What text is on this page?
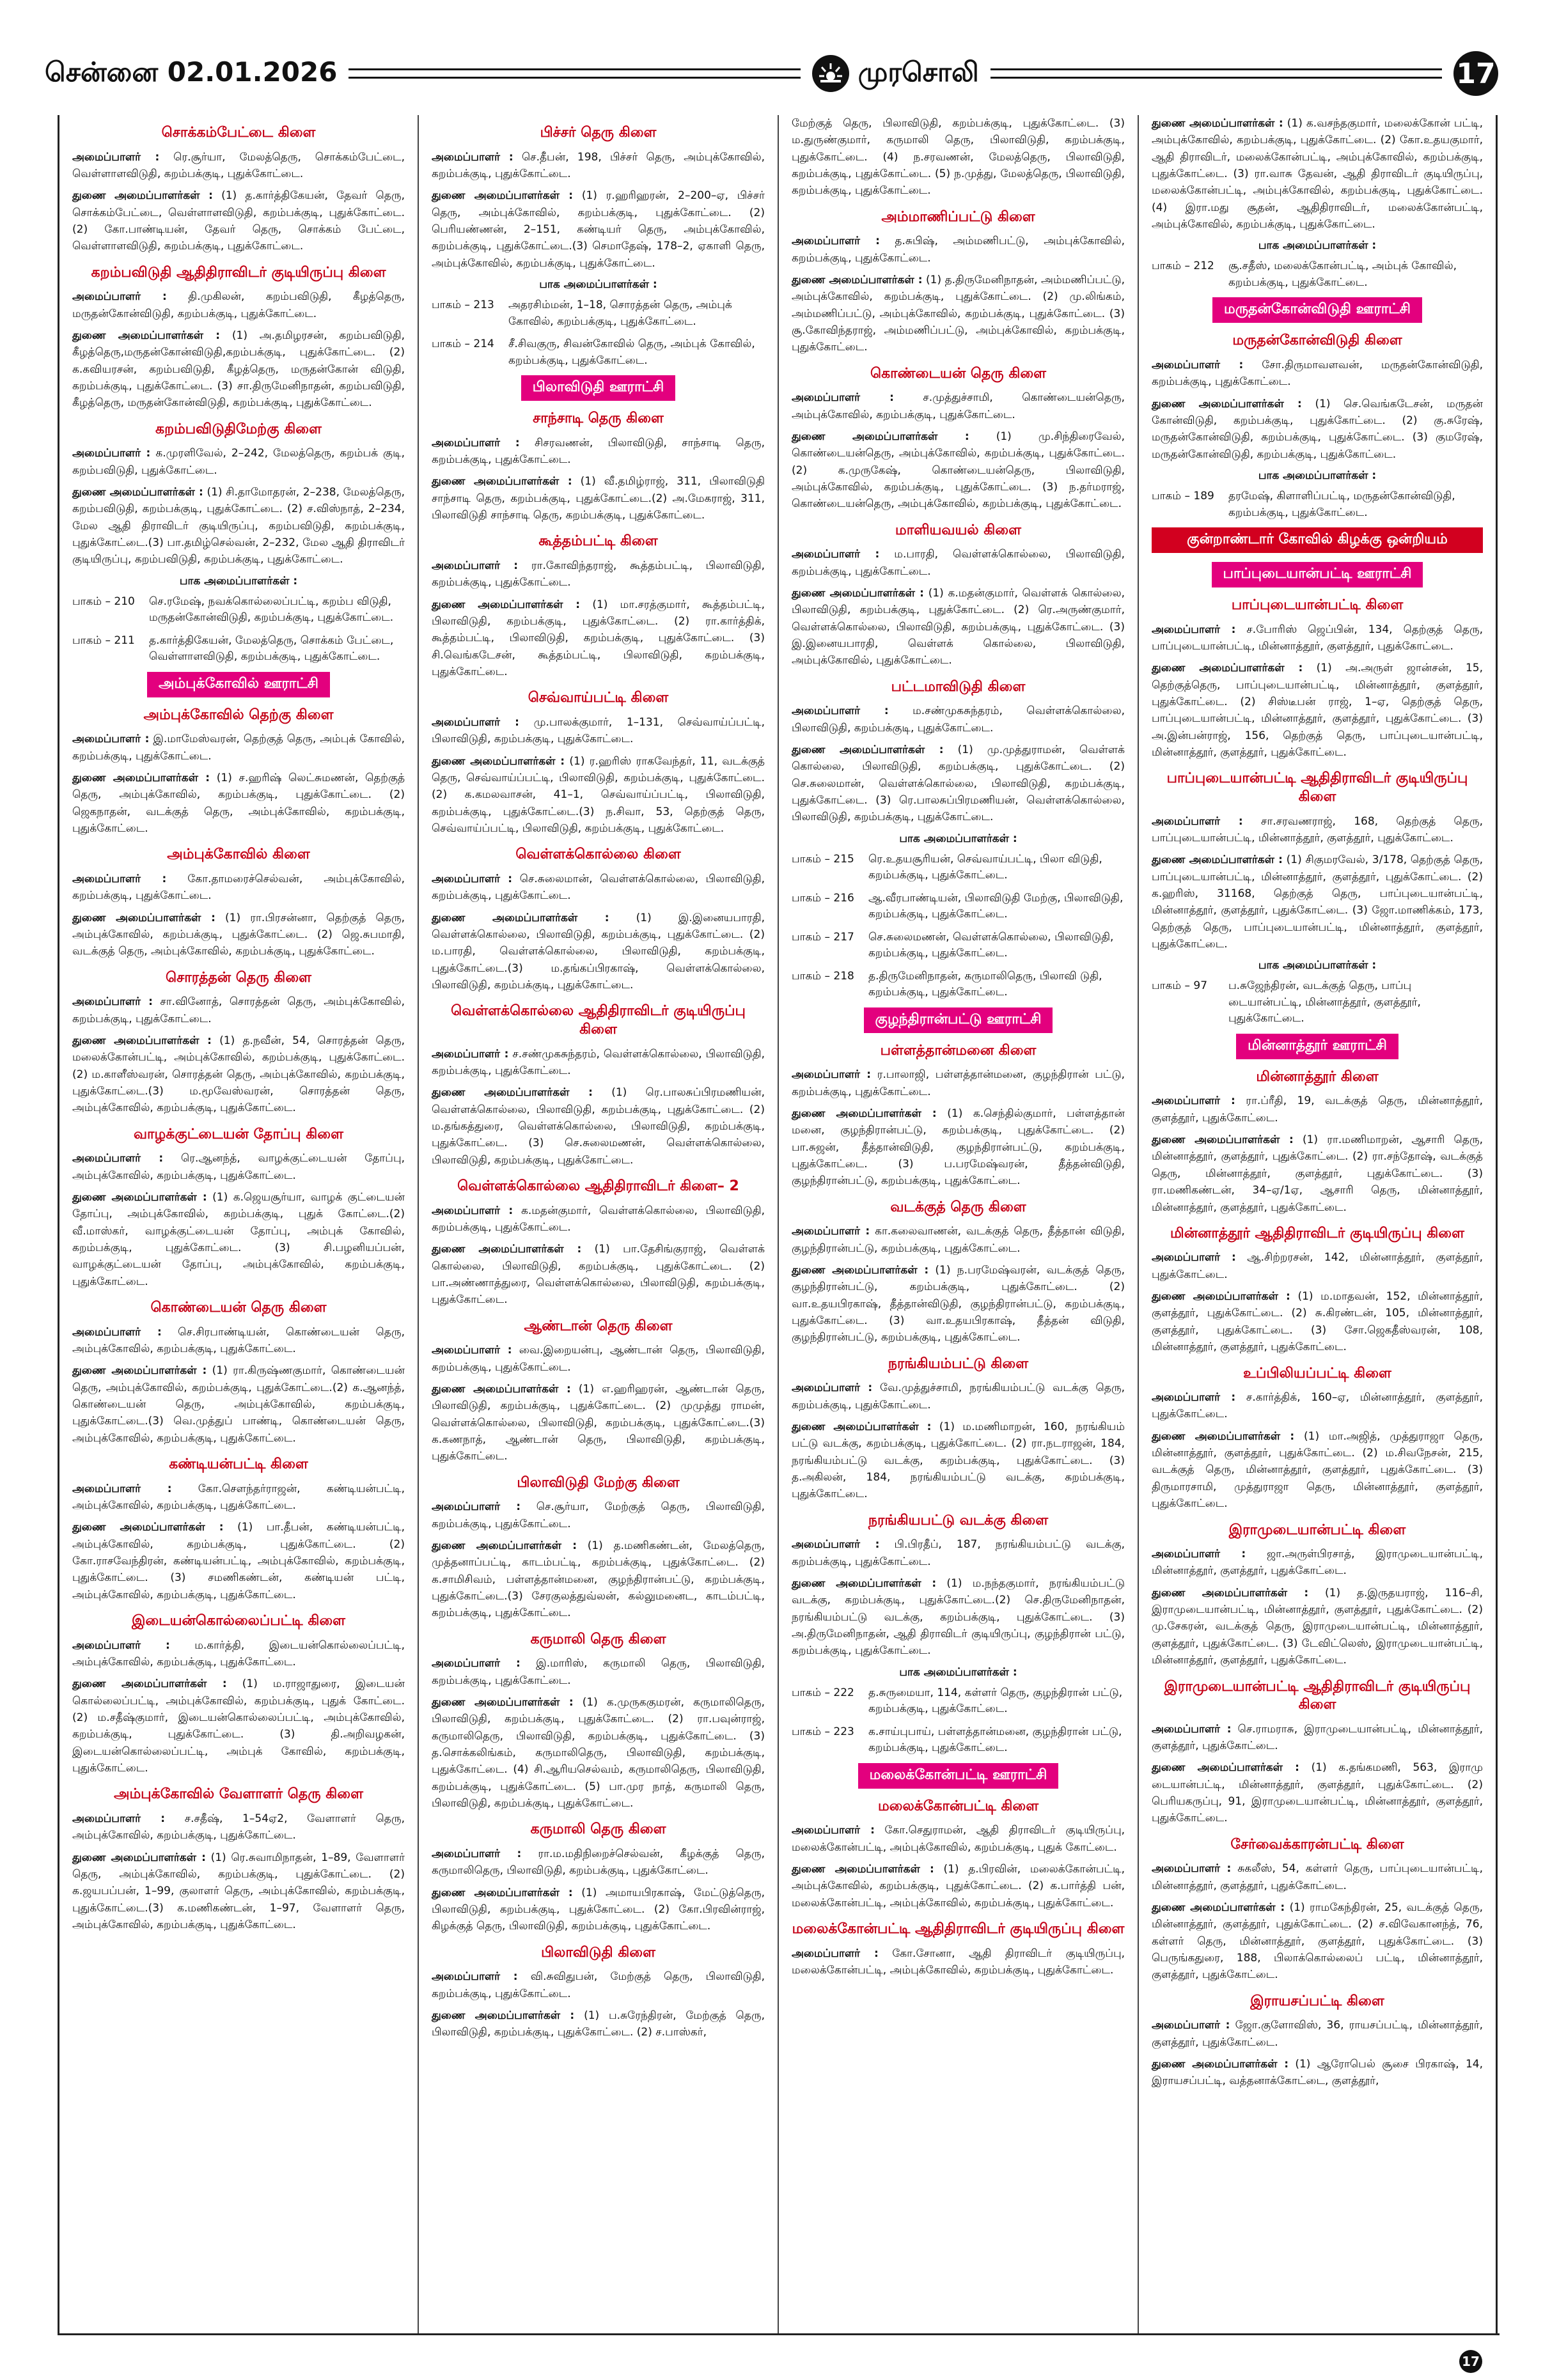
சென்னை 02.01.2026	முரசொலி	17
சொக்கம்பேட்டை கிளை

அமைப்பாளர் : ரெ.சூர்யா, மேலத்தெரு, சொக்கம்பேட்டை, வெள்ளாளவிடுதி, கறம்பக்குடி, புதுக்கோட்டை.

துணை அமைப்பாளர்கள் : (1) த.கார்த்திகேயன், தேவர் தெரு, சொக்கம்பேட்டை, வெள்ளாளவிடுதி, கறம்பக்குடி, புதுக்கோட்டை.(2) கோ.பாண்டியன், தேவர் தெரு, சொக்கம் பேட்டை, வெள்ளாளவிடுதி, கறம்பக்குடி, புதுக்கோட்டை.

கறம்பவிடுதி ஆதிதிராவிடர் குடியிருப்பு கிளை

அமைப்பாளர் : தி.முகிலன், கறம்பவிடுதி, கீழத்தெரு, மருதன்கோன்விடுதி, கறம்பக்குடி, புதுக்கோட்டை.

துணை அமைப்பாளர்கள் : (1) அ.தமிழரசன், கறம்பவிடுதி, கீழத்தெரு,மருதன்கோன்விடுதி,கறம்பக்குடி, புதுக்கோட்டை. (2) க.கவியரசன், கறம்பவிடுதி, கீழத்தெரு, மருதன்கோன் விடுதி, கறம்பக்குடி, புதுக்கோட்டை. (3) சா.திருமேனிநாதன், கறம்பவிடுதி, கீழத்தெரு, மருதன்கோன்விடுதி, கறம்பக்குடி, புதுக்கோட்டை.

கறம்பவிடுதிமேற்கு கிளை

அமைப்பாளர் : க.முரளிவேல், 2–242, மேலத்தெரு, கறம்பக் குடி, கறம்பவிடுதி, புதுக்கோட்டை.

துணை அமைப்பாளர்கள் : (1) சி.தாமோதரன், 2–238, மேலத்தெரு, கறம்பவிடுதி, கறம்பக்குடி, புதுக்கோட்டை. (2) ச.விஸ்நாத், 2–234, மேல ஆதி திராவிடர் குடியிருப்பு, கறம்பவிடுதி, கறம்பக்குடி, புதுக்கோட்டை.(3) பா.தமிழ்செல்வன், 2–232, மேல ஆதி திராவிடர் குடியிருப்பு, கறம்பவிடுதி, கறம்பக்குடி, புதுக்கோட்டை.

பாக அமைப்பாளர்கள் :
பாகம் – 210	செ.ரமேஷ், நவக்கொல்லைப்பட்டி, கறம்ப விடுதி, மருதன்கோன்விடுதி, கறம்பக்குடி, புதுக்கோட்டை.
பாகம் – 211	த.கார்த்திகேயன், மேலத்தெரு, சொக்கம் பேட்டை, வெள்ளாளவிடுதி, கறம்பக்குடி, புதுக்கோட்டை.
அம்புக்கோவில் ஊராட்சி
அம்புக்கோவில் தெற்கு கிளை

அமைப்பாளர் : இ.மாமேஸ்வரன், தெற்குத் தெரு, அம்புக் கோவில், கறம்பக்குடி, புதுக்கோட்டை.

துணை அமைப்பாளர்கள் : (1) ச.ஹரிஷ் லெட்சுமணன், தெற்குத் தெரு, அம்புக்கோவில், கறம்பக்குடி, புதுக்கோட்டை. (2) ஜெகநாதன், வடக்குத் தெரு, அம்புக்கோவில், கறம்பக்குடி, புதுக்கோட்டை.

அம்புக்கோவில் கிளை

அமைப்பாளர் : கோ.தாமரைச்செல்வன், அம்புக்கோவில், கறம்பக்குடி, புதுக்கோட்டை.

துணை அமைப்பாளர்கள் : (1) ரா.பிரசன்னா, தெற்குத் தெரு, அம்புக்கோவில், கறம்பக்குடி, புதுக்கோட்டை. (2) ஜெ.சுபமாதி, வடக்குத் தெரு, அம்புக்கோவில், கறம்பக்குடி, புதுக்கோட்டை.

சொரத்தன் தெரு கிளை

அமைப்பாளர் : சா.வினோத், சொரத்தன் தெரு, அம்புக்கோவில், கறம்பக்குடி, புதுக்கோட்டை.

துணை அமைப்பாளர்கள் : (1) த.நவீன், 54, சொரத்தன் தெரு, மலைக்கோன்பட்டி, அம்புக்கோவில், கறம்பக்குடி, புதுக்கோட்டை.(2) ம.காளீஸ்வரன், சொரத்தன் தெரு, அம்புக்கோவில், கறம்பக்குடி, புதுக்கோட்டை.(3) ம.மூவேஸ்வரன், சொரத்தன் தெரு, அம்புக்கோவில், கறம்பக்குடி, புதுக்கோட்டை.

வாழக்குட்டையன் தோப்பு கிளை

அமைப்பாளர் : ரெ.ஆனந்த், வாழக்குட்டையன் தோப்பு, அம்புக்கோவில், கறம்பக்குடி, புதுக்கோட்டை.

துணை அமைப்பாளர்கள் : (1) க.ஜெயசூர்யா, வாழக் குட்டையன் தோப்பு, அம்புக்கோவில், கறம்பக்குடி, புதுக் கோட்டை.(2) வீ.மாஸ்கர், வாழக்குட்டையன் தோப்பு, அம்புக் கோவில், கறம்பக்குடி, புதுக்கோட்டை. (3) சி.பழனியப்பன், வாழக்குட்டையன் தோப்பு, அம்புக்கோவில், கறம்பக்குடி, புதுக்கோட்டை.

கொண்டையன் தெரு கிளை

அமைப்பாளர் : செ.சிரபாண்டியன், கொண்டையன் தெரு, அம்புக்கோவில், கறம்பக்குடி, புதுக்கோட்டை.

துணை அமைப்பாளர்கள் : (1) ரா.கிருஷ்ணகுமார், கொண்டையன் தெரு, அம்புக்கோவில், கறம்பக்குடி, புதுக்கோட்டை.(2) க.ஆனந்த், கொண்டையன் தெரு, அம்புக்கோவில், கறம்பக்குடி, புதுக்கோட்டை.(3) வெ.முத்துப் பாண்டி, கொண்டையன் தெரு, அம்புக்கோவில், கறம்பக்குடி, புதுக்கோட்டை.

கண்டியன்பட்டி கிளை

அமைப்பாளர் : கோ.சௌந்தர்ராஜன், கண்டியன்பட்டி, அம்புக்கோவில், கறம்பக்குடி, புதுக்கோட்டை.

துணை அமைப்பாளர்கள் : (1) பா.தீபன், கண்டியன்பட்டி, அம்புக்கோவில், கறம்பக்குடி, புதுக்கோட்டை. (2) கோ.ராசவேந்திரன், கண்டியன்பட்டி, அம்புக்கோவில், கறம்பக்குடி, புதுக்கோட்டை. (3) சமணிகண்டன், கண்டியன் பட்டி, அம்புக்கோவில், கறம்பக்குடி, புதுக்கோட்டை.

இடையன்கொல்லைப்பட்டி கிளை

அமைப்பாளர் : ம.கார்த்தி, இடையன்கொல்லைப்பட்டி, அம்புக்கோவில், கறம்பக்குடி, புதுக்கோட்டை.

துணை அமைப்பாளர்கள் : (1) ம.ராஜாதுரை, இடையன் கொல்லைப்பட்டி, அம்புக்கோவில், கறம்பக்குடி, புதுக் கோட்டை. (2) ம.சதீஷ்குமார், இடையன்கொல்லைப்பட்டி, அம்புக்கோவில், கறம்பக்குடி, புதுக்கோட்டை. (3) தி.அறிவழகன், இடையன்கொல்லைப்பட்டி, அம்புக் கோவில், கறம்பக்குடி, புதுக்கோட்டை.

அம்புக்கோவில் வேளாளர் தெரு கிளை

அமைப்பாளர் : ச.சதீஷ், 1–54ஏ2, வேளாளர் தெரு, அம்புக்கோவில், கறம்பக்குடி, புதுக்கோட்டை.

துணை அமைப்பாளர்கள் : (1) ரெ.சுவாமிநாதன், 1–89, வேளாளர் தெரு, அம்புக்கோவில், கறம்பக்குடி, புதுக்கோட்டை. (2) க.ஜயபப்பன், 1–99, குலாளர் தெரு, அம்புக்கோவில், கறம்பக்குடி, புதுக்கோட்டை.(3) க.மணிகண்டன், 1–97, வேளாளர் தெரு, அம்புக்கோவில், கறம்பக்குடி, புதுக்கோட்டை.

பிச்சர் தெரு கிளை

அமைப்பாளர் : செ.தீபன், 198, பிச்சர் தெரு, அம்புக்கோவில், கறம்பக்குடி, புதுக்கோட்டை.

துணை அமைப்பாளர்கள் : (1) ர.ஹரிஹரன், 2–200–ஏ, பிச்சர் தெரு, அம்புக்கோவில், கறம்பக்குடி, புதுக்கோட்டை. (2) பெரியண்ணன், 2–151, கண்டியர் தெரு, அம்புக்கோவில், கறம்பக்குடி, புதுக்கோட்டை.(3) செமாதேஷ், 178–2, ஏகாளி தெரு, அம்புக்கோவில், கறம்பக்குடி, புதுக்கோட்டை.

பாக அமைப்பாளர்கள் :
பாகம் – 213	அதரசிம்மன், 1–18, சொரத்தன் தெரு, அம்புக் கோவில், கறம்பக்குடி, புதுக்கோட்டை.
பாகம் – 214	சீ.சிவகுரு, சிவன்கோவில் தெரு, அம்புக் கோவில், கறம்பக்குடி, புதுக்கோட்டை.
பிலாவிடுதி ஊராட்சி
சாந்சாடி தெரு கிளை

அமைப்பாளர் : சிசரவணன், பிலாவிடுதி, சாந்சாடி தெரு, கறம்பக்குடி, புதுக்கோட்டை.

துணை அமைப்பாளர்கள் : (1) வீ.தமிழ்ராஜ், 311, பிலாவிடுதி சாந்சாடி தெரு, கறம்பக்குடி, புதுக்கோட்டை.(2) அ.மேகராஜ், 311, பிலாவிடுதி சாந்சாடி தெரு, கறம்பக்குடி, புதுக்கோட்டை.

கூத்தம்பட்டி கிளை

அமைப்பாளர் : ரா.கோவிந்தராஜ், கூத்தம்பட்டி, பிலாவிடுதி, கறம்பக்குடி, புதுக்கோட்டை.

துணை அமைப்பாளர்கள் : (1) மா.சரத்குமார், கூத்தம்பட்டி, பிலாவிடுதி, கறம்பக்குடி, புதுக்கோட்டை. (2) ரா.கார்த்திக், கூத்தம்பட்டி, பிலாவிடுதி, கறம்பக்குடி, புதுக்கோட்டை. (3) சி.வெங்கடேசன், கூத்தம்பட்டி, பிலாவிடுதி, கறம்பக்குடி, புதுக்கோட்டை.

செவ்வாய்பட்டி கிளை

அமைப்பாளர் : மு.பாலக்குமார், 1–131, செவ்வாய்ப்பட்டி, பிலாவிடுதி, கறம்பக்குடி, புதுக்கோட்டை.

துணை அமைப்பாளர்கள் : (1) ர.ஹரிஸ் ராகவேந்தர், 11, வடக்குத் தெரு, செவ்வாய்ப்பட்டி, பிலாவிடுதி, கறம்பக்குடி, புதுக்கோட்டை.(2) க.கமலவாசன், 41–1, செவ்வாய்ப்பட்டி, பிலாவிடுதி, கறம்பக்குடி, புதுக்கோட்டை.(3) ந.சிவா, 53, தெற்குத் தெரு, செவ்வாய்ப்பட்டி, பிலாவிடுதி, கறம்பக்குடி, புதுக்கோட்டை.

வெள்ளக்கொல்லை கிளை

அமைப்பாளர் : செ.சுலைமான், வெள்ளக்கொல்லை, பிலாவிடுதி, கறம்பக்குடி, புதுக்கோட்டை.

துணை அமைப்பாளர்கள் : (1) இ.இனையபாரதி, வெள்ளக்கொல்லை, பிலாவிடுதி, கறம்பக்குடி, புதுக்கோட்டை. (2) ம.பாரதி, வெள்ளக்கொல்லை, பிலாவிடுதி, கறம்பக்குடி, புதுக்கோட்டை.(3) ம.தங்கப்பிரகாஷ், வெள்ளக்கொல்லை, பிலாவிடுதி, கறம்பக்குடி, புதுக்கோட்டை.

வெள்ளக்கொல்லை ஆதிதிராவிடர் குடியிருப்பு கிளை

அமைப்பாளர் : ச.சண்முகசுந்தரம், வெள்ளக்கொல்லை, பிலாவிடுதி, கறம்பக்குடி, புதுக்கோட்டை.

துணை அமைப்பாளர்கள் : (1) ரெ.பாலசுப்பிரமணியன், வெள்ளக்கொல்லை, பிலாவிடுதி, கறம்பக்குடி, புதுக்கோட்டை. (2) ம.தங்கத்துரை, வெள்ளக்கொல்லை, பிலாவிடுதி, கறம்பக்குடி, புதுக்கோட்டை. (3) செ.சுலைமணன், வெள்ளக்கொல்லை, பிலாவிடுதி, கறம்பக்குடி, புதுக்கோட்டை.

வெள்ளக்கொல்லை ஆதிதிராவிடர் கிளை– 2

அமைப்பாளர் : க.மதன்குமார், வெள்ளக்கொல்லை, பிலாவிடுதி, கறம்பக்குடி, புதுக்கோட்டை.

துணை அமைப்பாளர்கள் : (1) பா.தேசிங்குராஜ், வெள்ளக் கொல்லை, பிலாவிடுதி, கறம்பக்குடி, புதுக்கோட்டை. (2) பா.அண்ணாத்துரை, வெள்ளக்கொல்லை, பிலாவிடுதி, கறம்பக்குடி, புதுக்கோட்டை.

ஆண்டான் தெரு கிளை

அமைப்பாளர் : வை.இறையன்பு, ஆண்டான் தெரு, பிலாவிடுதி, கறம்பக்குடி, புதுக்கோட்டை.

துணை அமைப்பாளர்கள் : (1) எ.ஹரிஹரன், ஆண்டான் தெரு, பிலாவிடுதி, கறம்பக்குடி, புதுக்கோட்டை. (2) முமுத்து ராமன், வெள்ளக்கொல்லை, பிலாவிடுதி, கறம்பக்குடி, புதுக்கோட்டை.(3) க.கணநாத், ஆண்டான் தெரு, பிலாவிடுதி, கறம்பக்குடி, புதுக்கோட்டை.

பிலாவிடுதி மேற்கு கிளை

அமைப்பாளர் : செ.சூர்யா, மேற்குத் தெரு, பிலாவிடுதி, கறம்பக்குடி, புதுக்கோட்டை.

துணை அமைப்பாளர்கள் : (1) த.மணிகண்டன், மேலத்தெரு, முத்தனாப்பட்டி, காடம்பட்டி, கறம்பக்குடி, புதுக்கோட்டை. (2) க.சாமிசிவம், பள்ளத்தான்மனை, குழந்திரான்பட்டு, கறம்பக்குடி, புதுக்கோட்டை.(3) சேரகுலத்துவ்லன், கல்லுமனைட, காடம்பட்டி, கறம்பக்குடி, புதுக்கோட்டை.

கருமாலி தெரு கிளை

அமைப்பாளர் : இ.மாரிஸ், கருமாலி தெரு, பிலாவிடுதி, கறம்பக்குடி, புதுக்கோட்டை.

துணை அமைப்பாளர்கள் : (1) க.முருககுமரன், கருமாலிதெரு, பிலாவிடுதி, கறம்பக்குடி, புதுக்கோட்டை. (2) ரா.பவுன்ராஜ், கருமாலிதெரு, பிலாவிடுதி, கறம்பக்குடி, புதுக்கோட்டை. (3) த.சொக்கலிங்கம், கருமாலிதெரு, பிலாவிடுதி, கறம்பக்குடி, புதுக்கோட்டை. (4) சி.ஆரியசெல்வம், கருமாலிதெரு, பிலாவிடுதி, கறம்பக்குடி, புதுக்கோட்டை. (5) பா.முர நாத், கருமாலி தெரு, பிலாவிடுதி, கறம்பக்குடி, புதுக்கோட்டை.

கருமாலி தெரு கிளை

அமைப்பாளர் : ரா.ம.மதிநிறைச்செல்வன், கீழக்குத் தெரு, கருமாலிதெரு, பிலாவிடுதி, கறம்பக்குடி, புதுக்கோட்டை.

துணை அமைப்பாளர்கள் : (1) அமாயபிரகாஷ், மேட்டுத்தெரு, பிலாவிடுதி, கறம்பக்குடி, புதுக்கோட்டை. (2) கோ.பிரவின்ராஜ், கிழக்குத் தெரு, பிலாவிடுதி, கறம்பக்குடி, புதுக்கோட்டை.

பிலாவிடுதி கிளை

அமைப்பாளர் : வி.சுவிதுபன், மேற்குத் தெரு, பிலாவிடுதி, கறம்பக்குடி, புதுக்கோட்டை.

துணை அமைப்பாளர்கள் : (1) ப.சுரேந்திரன், மேற்குத் தெரு, பிலாவிடுதி, கறம்பக்குடி, புதுக்கோட்டை. (2) ச.பாஸ்கர்,

மேற்குத் தெரு, பிலாவிடுதி, கறம்பக்குடி, புதுக்கோட்டை. (3) ம.துருண்குமார், கருமாலி தெரு, பிலாவிடுதி, கறம்பக்குடி, புதுக்கோட்டை. (4) ந.சரவணன், மேலத்தெரு, பிலாவிடுதி, கறம்பக்குடி, புதுக்கோட்டை. (5) ந.முத்து, மேலத்தெரு, பிலாவிடுதி, கறம்பக்குடி, புதுக்கோட்டை.

அம்மாணிப்பட்டு கிளை

அமைப்பாளர் : த.சுபிஷ், அம்மணிபட்டு, அம்புக்கோவில், கறம்பக்குடி, புதுக்கோட்டை.

துணை அமைப்பாளர்கள் : (1) த.திருமேனிநாதன், அம்மணிப்பட்டு, அம்புக்கோவில், கறம்பக்குடி, புதுக்கோட்டை. (2) மு.லிங்கம், அம்மணிப்பட்டு, அம்புக்கோவில், கறம்பக்குடி, புதுக்கோட்டை. (3) சூ.கோவிந்தராஜ், அம்மணிப்பட்டு, அம்புக்கோவில், கறம்பக்குடி, புதுக்கோட்டை.

கொண்டையன் தெரு கிளை

அமைப்பாளர் :	ச.முத்துச்சாமி, கொண்டையன்தெரு, அம்புக்கோவில், கறம்பக்குடி, புதுக்கோட்டை.

துணை அமைப்பாளர்கள் : (1) மு.சிந்திரைவேல், கொண்டையன்தெரு, அம்புக்கோவில், கறம்பக்குடி, புதுக்கோட்டை. (2) க.முருகேஷ், கொண்டையன்தெரு, பிலாவிடுதி, அம்புக்கோவில், கறம்பக்குடி, புதுக்கோட்டை. (3) ந.தர்மராஜ், கொண்டையன்தெரு, அம்புக்கோவில், கறம்பக்குடி, புதுக்கோட்டை.

மாளியவயல் கிளை

அமைப்பாளர் : ம.பாரதி, வெள்ளக்கொல்லை, பிலாவிடுதி, கறம்பக்குடி, புதுக்கோட்டை.

துணை அமைப்பாளர்கள் : (1) க.மதன்குமார், வெள்ளக் கொல்லை, பிலாவிடுதி, கறம்பக்குடி, புதுக்கோட்டை. (2) ரெ.அருண்குமார், வெள்ளக்கொல்லை, பிலாவிடுதி, கறம்பக்குடி, புதுக்கோட்டை. (3) இ.இனையபாரதி, வெள்ளக் கொல்லை, பிலாவிடுதி, அம்புக்கோவில், புதுக்கோட்டை.

பட்டமாவிடுதி கிளை

அமைப்பாளர் : ம.சண்முகசுந்தரம், வெள்ளக்கொல்லை, பிலாவிடுதி, கறம்பக்குடி, புதுக்கோட்டை.

துணை அமைப்பாளர்கள் : (1) மு.முத்துராமன், வெள்ளக் கொல்லை, பிலாவிடுதி, கறம்பக்குடி, புதுக்கோட்டை. (2) செ.சுலைமான், வெள்ளக்கொல்லை, பிலாவிடுதி, கறம்பக்குடி, புதுக்கோட்டை. (3) ரெ.பாலசுப்பிரமணியன், வெள்ளக்கொல்லை, பிலாவிடுதி, கறம்பக்குடி, புதுக்கோட்டை.

பாக அமைப்பாளர்கள் :
பாகம் – 215	ரெ.உதயசூரியன், செவ்வாய்பட்டி, பிலா விடுதி, கறம்பக்குடி, புதுக்கோட்டை.
பாகம் – 216	ஆ.வீரபாண்டியன், பிலாவிடுதி மேற்கு, பிலாவிடுதி, கறம்பக்குடி, புதுக்கோட்டை.
பாகம் – 217	செ.சுலைமணன், வெள்ளக்கொல்லை, பிலாவிடுதி, கறம்பக்குடி, புதுக்கோட்டை.
பாகம் – 218	த.திருமேனிநாதன், கருமாலிதெரு, பிலாவி டுதி, கறம்பக்குடி, புதுக்கோட்டை.
குழந்திரான்பட்டு ஊராட்சி
பள்ளத்தான்மனை கிளை

அமைப்பாளர் : ர.பாலாஜி, பள்ளத்தான்மனை, குழந்திரான் பட்டு, கறம்பக்குடி, புதுக்கோட்டை.

துணை அமைப்பாளர்கள் : (1) க.செந்தில்குமார், பள்ளத்தான் மனை, குழந்திரான்பட்டு, கறம்பக்குடி, புதுக்கோட்டை. (2) பா.சுஜன், தீத்தான்விடுதி, குழந்திரான்பட்டு, கறம்பக்குடி, புதுக்கோட்டை. (3) ப.பரமேஷ்வரன், தீத்தன்விடுதி, குழந்திரான்பட்டு, கறம்பக்குடி, புதுக்கோட்டை.

வடக்குத் தெரு கிளை

அமைப்பாளர் : கா.கலைவாணன், வடக்குத் தெரு, தீத்தான் விடுதி, குழந்திரான்பட்டு, கறம்பக்குடி, புதுக்கோட்டை.

துணை அமைப்பாளர்கள் : (1) ந.பரமேஷ்வரன், வடக்குத் தெரு, குழந்திரான்பட்டு, கறம்பக்குடி, புதுக்கோட்டை. (2) வா.உதயபிரகாஷ், தீத்தான்விடுதி, குழந்திரான்பட்டு, கறம்பக்குடி, புதுக்கோட்டை. (3) வா.உதயபிரகாஷ், தீத்தன் விடுதி, குழந்திரான்பட்டு, கறம்பக்குடி, புதுக்கோட்டை.

நரங்கியம்பட்டு கிளை

அமைப்பாளர் : வே.முத்துச்சாமி, நரங்கியம்பட்டு வடக்கு தெரு, கறம்பக்குடி, புதுக்கோட்டை.

துணை அமைப்பாளர்கள் : (1) ம.மணிமாறன், 160, நரங்கியம் பட்டு வடக்கு, கறம்பக்குடி, புதுக்கோட்டை. (2) ரா.நடராஜன், 184, நரங்கியம்பட்டு வடக்கு, கறம்பக்குடி, புதுக்கோட்டை. (3) த.அகிலன், 184, நரங்கியம்பட்டு வடக்கு, கறம்பக்குடி, புதுக்கோட்டை.

நரங்கியபட்டு வடக்கு கிளை

அமைப்பாளர் : பி.பிரதீப், 187, நரங்கியம்பட்டு வடக்கு, கறம்பக்குடி, புதுக்கோட்டை.

துணை அமைப்பாளர்கள் : (1) ம.நந்தகுமார், நரங்கியம்பட்டு வடக்கு, கறம்பக்குடி, புதுக்கோட்டை.(2) செ.திருமேனிநாதன், நரங்கியம்பட்டு வடக்கு, கறம்பக்குடி, புதுக்கோட்டை. (3) அ.திருமேனிநாதன், ஆதி திராவிடர் குடியிருப்பு, குழந்திரான் பட்டு, கறம்பக்குடி, புதுக்கோட்டை.

பாக அமைப்பாளர்கள் :
பாகம் – 222	த.சுருமையா, 114, கள்ளர் தெரு, குழந்திரான் பட்டு, கறம்பக்குடி, புதுக்கோட்டை.
பாகம் – 223	க.சாய்புபாய், பள்ளத்தான்மனை, குழந்திரான் பட்டு, கறம்பக்குடி, புதுக்கோட்டை.
மலைக்கோன்பட்டி ஊராட்சி
மலைக்கோன்பட்டி கிளை

அமைப்பாளர் : கோ.செதுராமன், ஆதி திராவிடர் குடியிருப்பு, மலைக்கோன்பட்டி, அம்புக்கோவில், கறம்பக்குடி, புதுக் கோட்டை.

துணை அமைப்பாளர்கள் : (1) த.பிரவின், மலைக்கோன்பட்டி, அம்புக்கோவில், கறம்பக்குடி, புதுக்கோட்டை. (2) க.பார்த்தி பன், மலைக்கோன்பட்டி, அம்புக்கோவில், கறம்பக்குடி, புதுக்கோட்டை.

மலைக்கோன்பட்டி ஆதிதிராவிடர் குடியிருப்பு கிளை

அமைப்பாளர் : கோ.சோனா, ஆதி திராவிடர் குடியிருப்பு, மலைக்கோன்பட்டி, அம்புக்கோவில், கறம்பக்குடி, புதுக்கோட்டை.

துணை அமைப்பாளர்கள் : (1) க.வசந்தகுமார், மலைக்கோன் பட்டி, அம்புக்கோவில், கறம்பக்குடி, புதுக்கோட்டை. (2) கோ.உதயகுமார், ஆதி திராவிடர், மலைக்கோன்பட்டி, அம்புக்கோவில், கறம்பக்குடி, புதுக்கோட்டை. (3) ரா.வாசு தேவன், ஆதி திராவிடர் குடியிருப்பு, மலைக்கோன்பட்டி, அம்புக்கோவில், கறம்பக்குடி, புதுக்கோட்டை. (4) இரா.மது சூதன், ஆதிதிராவிடர், மலைக்கோன்பட்டி, அம்புக்கோவில், கறம்பக்குடி, புதுக்கோட்டை.

பாக அமைப்பாளர்கள் :
பாகம் – 212	சூ.சதீஸ், மலைக்கோன்பட்டி, அம்புக் கோவில், கறம்பக்குடி, புதுக்கோட்டை.
மருதன்கோன்விடுதி ஊராட்சி
மருதன்கோன்விடுதி கிளை

அமைப்பாளர் : சோ.திருமாவளவன், மருதன்கோன்விடுதி, கறம்பக்குடி, புதுக்கோட்டை.

துணை அமைப்பாளர்கள் : (1) செ.வெங்கடேசன், மருதன் கோன்விடுதி, கறம்பக்குடி, புதுக்கோட்டை. (2) கு.சுரேஷ், மருதன்கோன்விடுதி, கறம்பக்குடி, புதுக்கோட்டை. (3) குமரேஷ், மருதன்கோன்விடுதி, கறம்பக்குடி, புதுக்கோட்டை.

பாக அமைப்பாளர்கள் :
பாகம் – 189	தரமேஷ், கிளாளிப்பட்டி, மருதன்கோன்விடுதி, கறம்பக்குடி, புதுக்கோட்டை.
குன்றாண்டார் கோவில் கிழக்கு ஒன்றியம்
பாப்புடையான்பட்டி ஊராட்சி
பாப்புடையான்பட்டி கிளை

அமைப்பாளர் : ச.போரிஸ் ஜெப்பின், 134, தெற்குத் தெரு, பாப்புடையான்பட்டி, மின்னாத்தூர், குளத்தூர், புதுக்கோட்டை.

துணை அமைப்பாளர்கள் : (1) அ.அருள் ஜான்சன், 15, தெற்குத்தெரு, பாப்புடையான்பட்டி, மின்னாத்தூர், குளத்தூர், புதுக்கோட்டை. (2) சிஸ்டீபன் ராஜ், 1–ஏ, தெற்குத் தெரு, பாப்புடையான்பட்டி, மின்னாத்தூர், குளத்தூர், புதுக்கோட்டை. (3) அ.இன்பன்ராஜ், 156, தெற்குத் தெரு, பாப்புடையான்பட்டி, மின்னாத்தூர், குளத்தூர், புதுக்கோட்டை.

பாப்புடையான்பட்டி ஆதிதிராவிடர் குடியிருப்பு கிளை

அமைப்பாளர் : சா.சரவணராஜ், 168, தெற்குத் தெரு, பாப்புடையான்பட்டி, மின்னாத்தூர், குளத்தூர், புதுக்கோட்டை.

துணை அமைப்பாளர்கள் : (1) சிகுமரவேல், 3/178, தெற்குத் தெரு, பாப்புடையான்பட்டி, மின்னாத்தூர், குளத்தூர், புதுக்கோட்டை. (2) க.ஹரிஸ், 31168, தெற்குத் தெரு, பாப்புடையான்பட்டி, மின்னாத்தூர், குளத்தூர், புதுக்கோட்டை. (3) ஜோ.மாணிக்கம், 173, தெற்குத் தெரு, பாப்புடையான்பட்டி, மின்னாத்தூர், குளத்தூர், புதுக்கோட்டை.

பாக அமைப்பாளர்கள் :
பாகம் – 97	ப.சுஜேந்திரன், வடக்குத் தெரு, பாப்பு டையான்பட்டி, மின்னாத்தூர், குளத்தூர், புதுக்கோட்டை.
மின்னாத்தூர் ஊராட்சி
மின்னாத்தூர் கிளை

அமைப்பாளர் : ரா.ப்ரீதி, 19, வடக்குத் தெரு, மின்னாத்தூர், குளத்தூர், புதுக்கோட்டை.

துணை அமைப்பாளர்கள் : (1) ரா.மணிமாறன், ஆசாரி தெரு, மின்னாத்தூர், குளத்தூர், புதுக்கோட்டை. (2) ரா.சந்தோஷ், வடக்குத் தெரு, மின்னாத்தூர், குளத்தூர், புதுக்கோட்டை. (3) ரா.மணிகண்டன், 34–ஏ/1ஏ, ஆசாரி தெரு, மின்னாத்தூர், மின்னாத்தூர், குளத்தூர், புதுக்கோட்டை.

மின்னாத்தூர் ஆதிதிராவிடர் குடியிருப்பு கிளை

அமைப்பாளர் : ஆ.சிற்றரசன், 142, மின்னாத்தூர், குளத்தூர், புதுக்கோட்டை.

துணை அமைப்பாளர்கள் : (1) ம.மாதவன், 152, மின்னாத்தூர், குளத்தூர், புதுக்கோட்டை. (2) சு.கிரண்டன், 105, மின்னாத்தூர், குளத்தூர், புதுக்கோட்டை. (3) சோ.ஜெகதீஸ்வரன், 108, மின்னாத்தூர், குளத்தூர், புதுக்கோட்டை.

உப்பிலியப்பட்டி கிளை

அமைப்பாளர் : ச.கார்த்திக், 160–ஏ, மின்னாத்தூர், குளத்தூர், புதுக்கோட்டை.

துணை அமைப்பாளர்கள் : (1) மா.அஜித், முத்துராஜா தெரு, மின்னாத்தூர், குளத்தூர், புதுக்கோட்டை. (2) ம.சிவநேசன், 215, வடக்குத் தெரு, மின்னாத்தூர், குளத்தூர், புதுக்கோட்டை. (3) திருமாரசாமி, முத்துராஜா தெரு, மின்னாத்தூர், குளத்தூர், புதுக்கோட்டை.

இராமுடையான்பட்டி கிளை

அமைப்பாளர் : ஜா.அருள்பிரசாத், இராமுடையான்பட்டி, மின்னாத்தூர், குளத்தூர், புதுக்கோட்டை.

துணை அமைப்பாளர்கள் : (1) த.இருதயராஜ், 116–சி, இராமுடையான்பட்டி, மின்னாத்தூர், குளத்தூர், புதுக்கோட்டை. (2) மு.சேகரன், வடக்குத் தெரு, இராமுடையான்பட்டி, மின்னாத்தூர், குளத்தூர், புதுக்கோட்டை. (3) டேவிட்லெஸ், இராமுடையான்பட்டி, மின்னாத்தூர், குளத்தூர், புதுக்கோட்டை.

இராமுடையான்பட்டி ஆதிதிராவிடர் குடியிருப்பு கிளை

அமைப்பாளர் : செ.ராமராசு, இராமுடையான்பட்டி, மின்னாத்தூர், குளத்தூர், புதுக்கோட்டை.

துணை அமைப்பாளர்கள் : (1) க.தங்கமணி, 563, இராமு டையான்பட்டி, மின்னாத்தூர், குளத்தூர், புதுக்கோட்டை. (2) பெரியகருப்பு, 91, இராமுடையான்பட்டி, மின்னாத்தூர், குளத்தூர், புதுக்கோட்டை.

சேர்வைக்காரன்பட்டி கிளை

அமைப்பாளர் : சுகலீஸ், 54, கள்ளர் தெரு, பாப்புடையான்பட்டி, மின்னாத்தூர், குளத்தூர், புதுக்கோட்டை.

துணை அமைப்பாளர்கள் : (1) ராமகேந்திரன், 25, வடக்குத் தெரு, மின்னாத்தூர், குளத்தூர், புதுக்கோட்டை. (2) ச.விவேகானந்த், 76, கள்ளர் தெரு, மின்னாத்தூர், குளத்தூர், புதுக்கோட்டை. (3) பெருங்கதுரை, 188, பிலாக்கொல்லைப் பட்டி, மின்னாத்தூர், குளத்தூர், புதுக்கோட்டை.

இராயசப்பட்டி கிளை

அமைப்பாளர் : ஜோ.குளோவிஸ், 36, ராயசப்பட்டி, மின்னாத்தூர், குளத்தூர், புதுக்கோட்டை.

துணை அமைப்பாளர்கள் : (1) ஆரோபெல் சூசை பிரகாஷ், 14, இராயசப்பட்டி, வத்தனாக்கோட்டை, குளத்தூர்,

17
